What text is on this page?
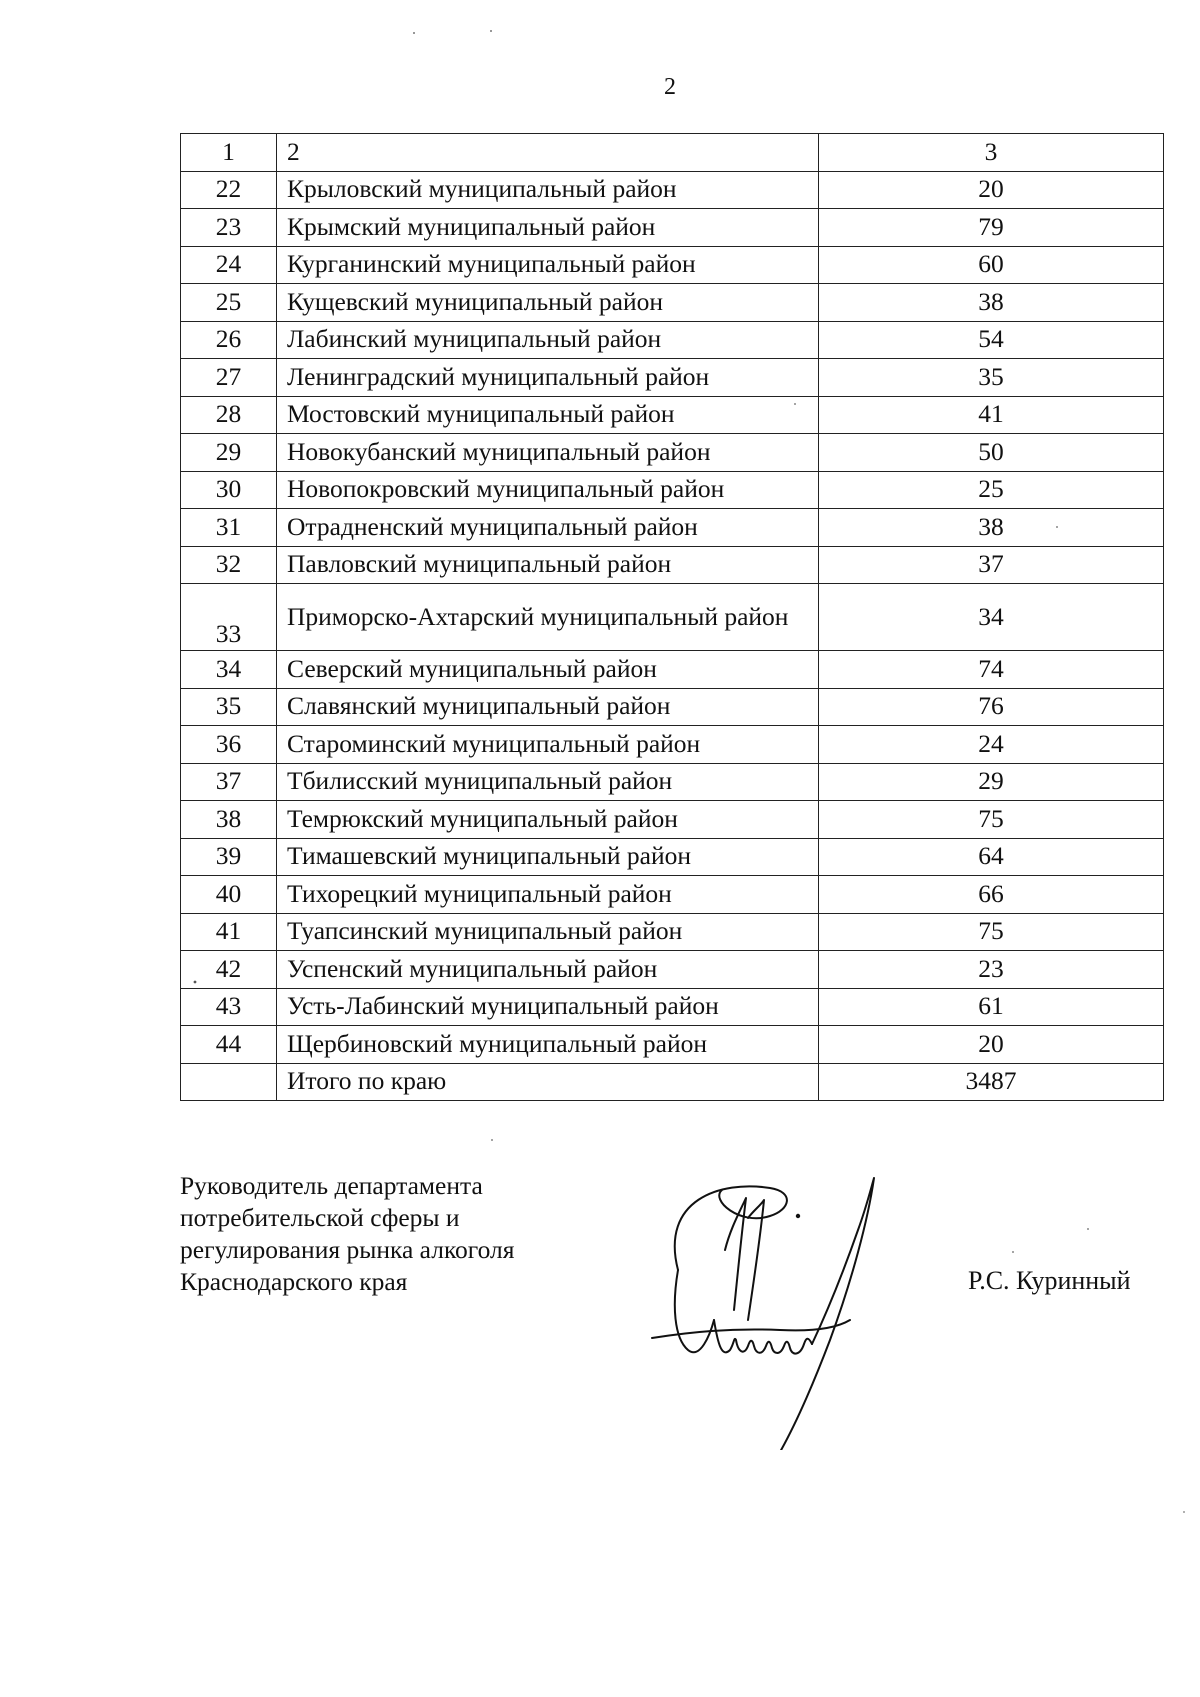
2
1	2	3
22	Крыловский муниципальный район	20
23	Крымский муниципальный район	79
24	Курганинский муниципальный район	60
25	Кущевский муниципальный район	38
26	Лабинский муниципальный район	54
27	Ленинградский муниципальный район	35
28	Мостовский муниципальный район	41
29	Новокубанский муниципальный район	50
30	Новопокровский муниципальный район	25
31	Отрадненский муниципальный район	38
32	Павловский муниципальный район	37
33	Приморско-Ахтарский муниципальный район	34
34	Северский муниципальный район	74
35	Славянский муниципальный район	76
36	Староминский муниципальный район	24
37	Тбилисский муниципальный район	29
38	Темрюкский муниципальный район	75
39	Тимашевский муниципальный район	64
40	Тихорецкий муниципальный район	66
41	Туапсинский муниципальный район	75
42	Успенский муниципальный район	23
43	Усть-Лабинский муниципальный район	61
44	Щербиновский муниципальный район	20
	Итого по краю	3487
Руководитель департамента
потребительской сферы и
регулирования рынка алкоголя
Краснодарского края	Р.С. Куринный
